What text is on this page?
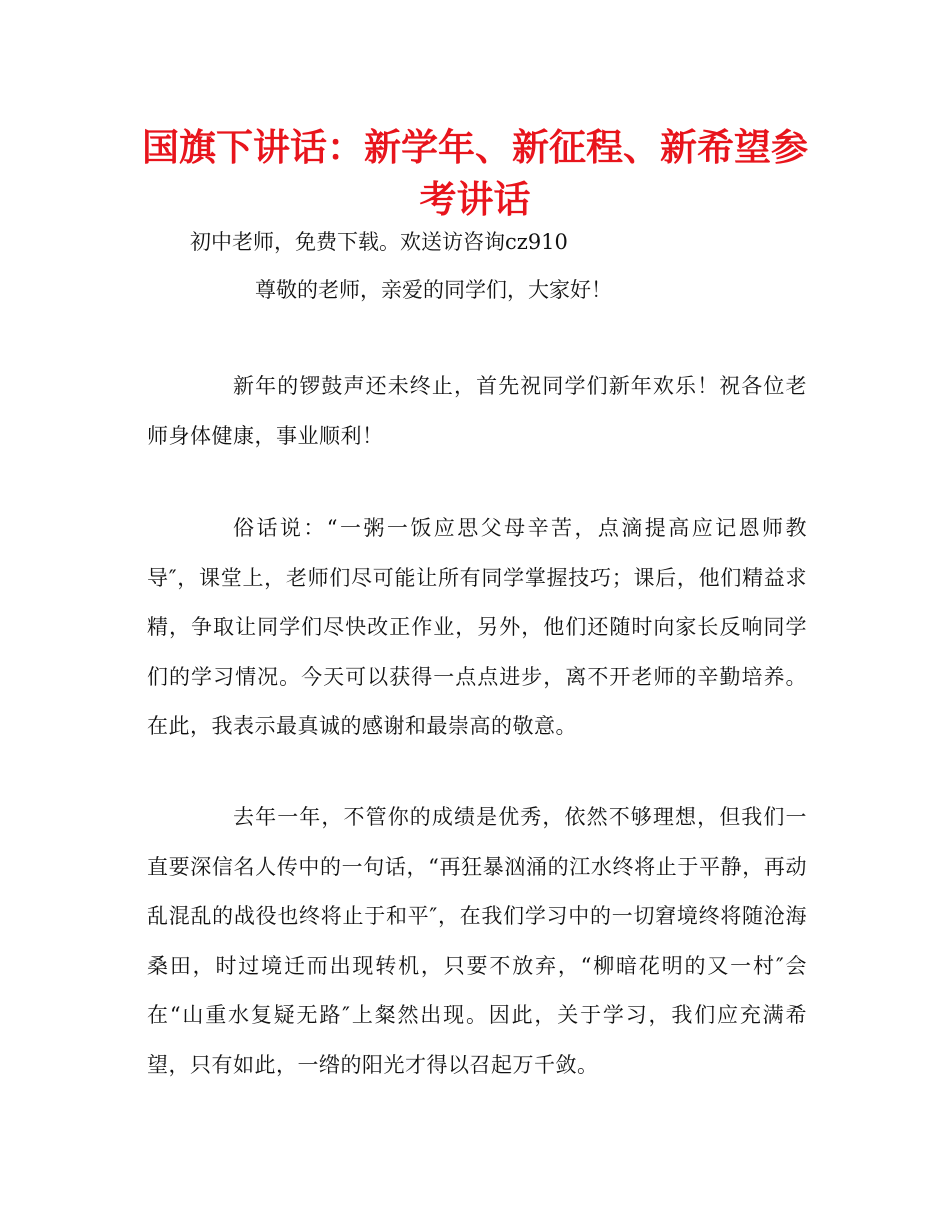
国旗下讲话：新学年、新征程、新希望参考讲话

初中老师，免费下载。欢送访咨询cz910

尊敬的老师，亲爱的同学们，大家好！

新年的锣鼓声还未终止，首先祝同学们新年欢乐！祝各位老师身体健康，事业顺利！

俗话说：“一粥一饭应思父母辛苦，点滴提高应记恩师教导″，课堂上，老师们尽可能让所有同学掌握技巧；课后，他们精益求精，争取让同学们尽快改正作业，另外，他们还随时向家长反响同学们的学习情况。今天可以获得一点点进步，离不开老师的辛勤培养。在此，我表示最真诚的感谢和最崇高的敬意。

去年一年，不管你的成绩是优秀，依然不够理想，但我们一直要深信名人传中的一句话，“再狂暴汹涌的江水终将止于平静，再动乱混乱的战役也终将止于和平″，在我们学习中的一切窘境终将随沧海桑田，时过境迁而出现转机，只要不放弃，“柳暗花明的又一村″会在“山重水复疑无路″上粲然出现。因此，关于学习，我们应充满希望，只有如此，一绺的阳光才得以召起万千敛。
